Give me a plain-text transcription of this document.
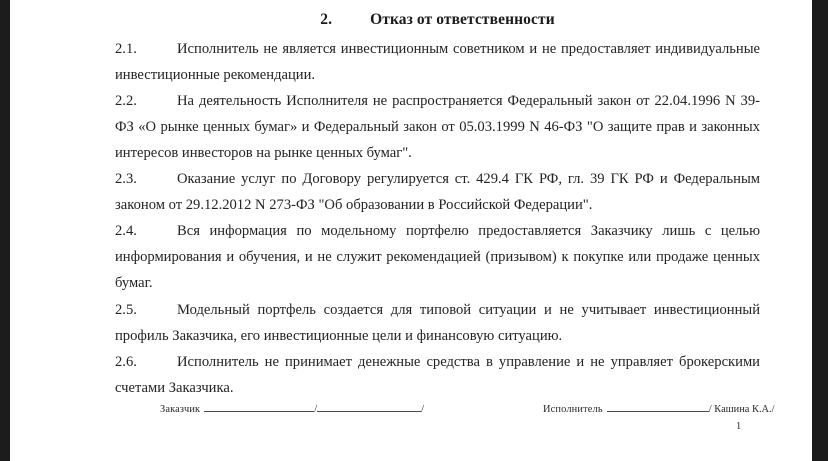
2. Отказ от ответственности

2.1.	Исполнитель не является инвестиционным советником и не предоставляет индивидуальные инвестиционные рекомендации.

2.2.	На деятельность Исполнителя не распространяется Федеральный закон от 22.04.1996 N 39-ФЗ «О рынке ценных бумаг» и Федеральный закон от 05.03.1999 N 46-ФЗ "О защите прав и законных интересов инвесторов на рынке ценных бумаг".

2.3.	Оказание услуг по Договору регулируется ст. 429.4 ГК РФ, гл. 39 ГК РФ и Федеральным законом от 29.12.2012 N 273-ФЗ "Об образовании в Российской Федерации".

2.4.	Вся информация по модельному портфелю предоставляется Заказчику лишь с целью информирования и обучения, и не служит рекомендацией (призывом) к покупке или продаже ценных бумаг.

2.5.	Модельный портфель создается для типовой ситуации и не учитывает инвестиционный профиль Заказчика, его инвестиционные цели и финансовую ситуацию.

2.6.	Исполнитель не принимает денежные средства в управление и не управляет брокерскими счетами Заказчика.

Заказчик	/	/	Исполнитель	/ Кашина К.А./
1
